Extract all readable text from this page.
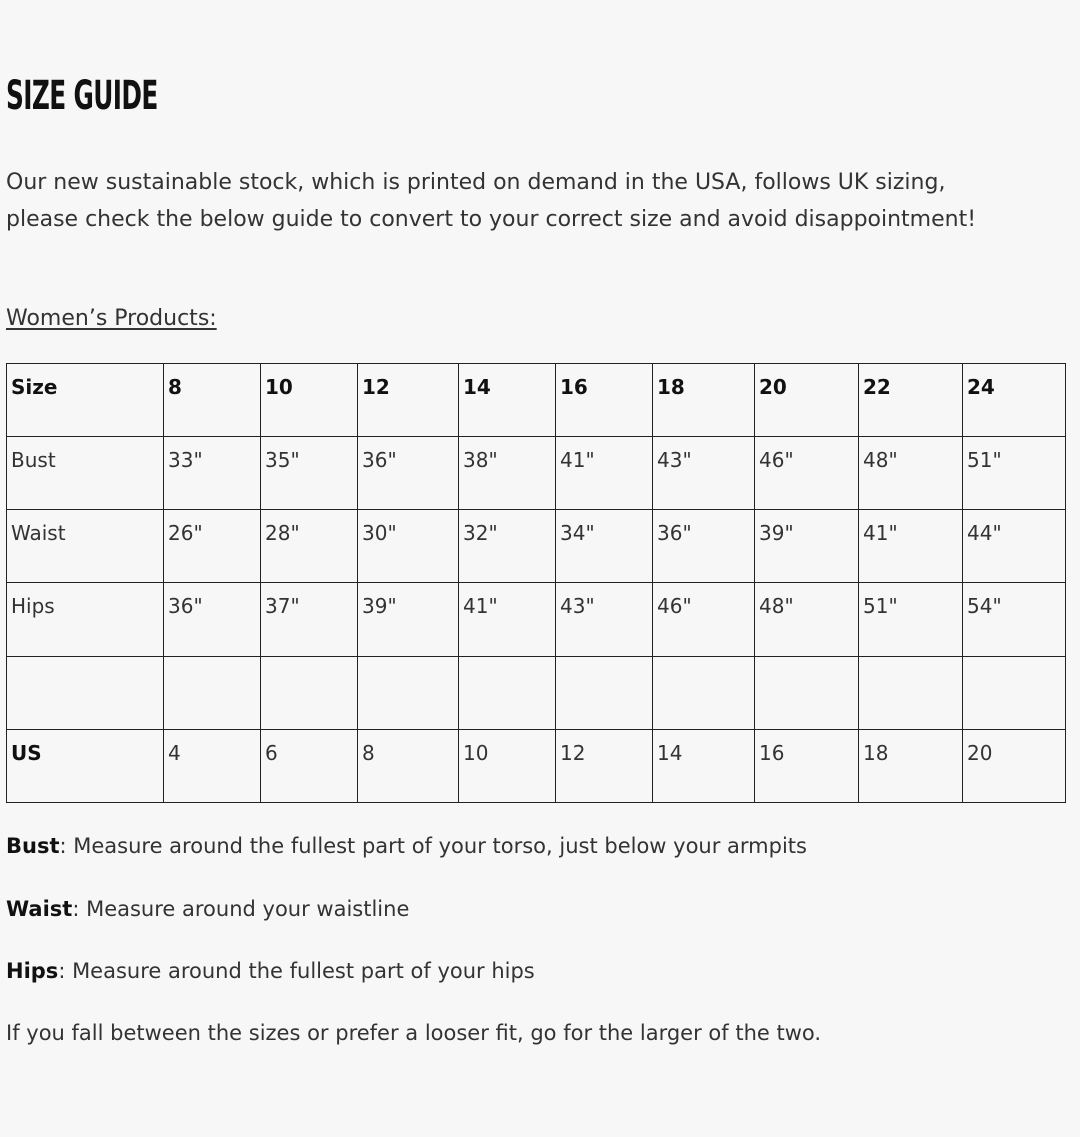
SIZE GUIDE

Our new sustainable stock, which is printed on demand in the USA, follows UK sizing, please check the below guide to convert to your correct size and avoid disappointment!

Women’s Products:

Size	8	10	12	14	16	18	20	22	24
Bust	33"	35"	36"	38"	41"	43"	46"	48"	51"
Waist	26"	28"	30"	32"	34"	36"	39"	41"	44"
Hips	36"	37"	39"	41"	43"	46"	48"	51"	54"

US	4	6	8	10	12	14	16	18	20

Bust: Measure around the fullest part of your torso, just below your armpits

Waist: Measure around your waistline

Hips: Measure around the fullest part of your hips

If you fall between the sizes or prefer a looser fit, go for the larger of the two.
